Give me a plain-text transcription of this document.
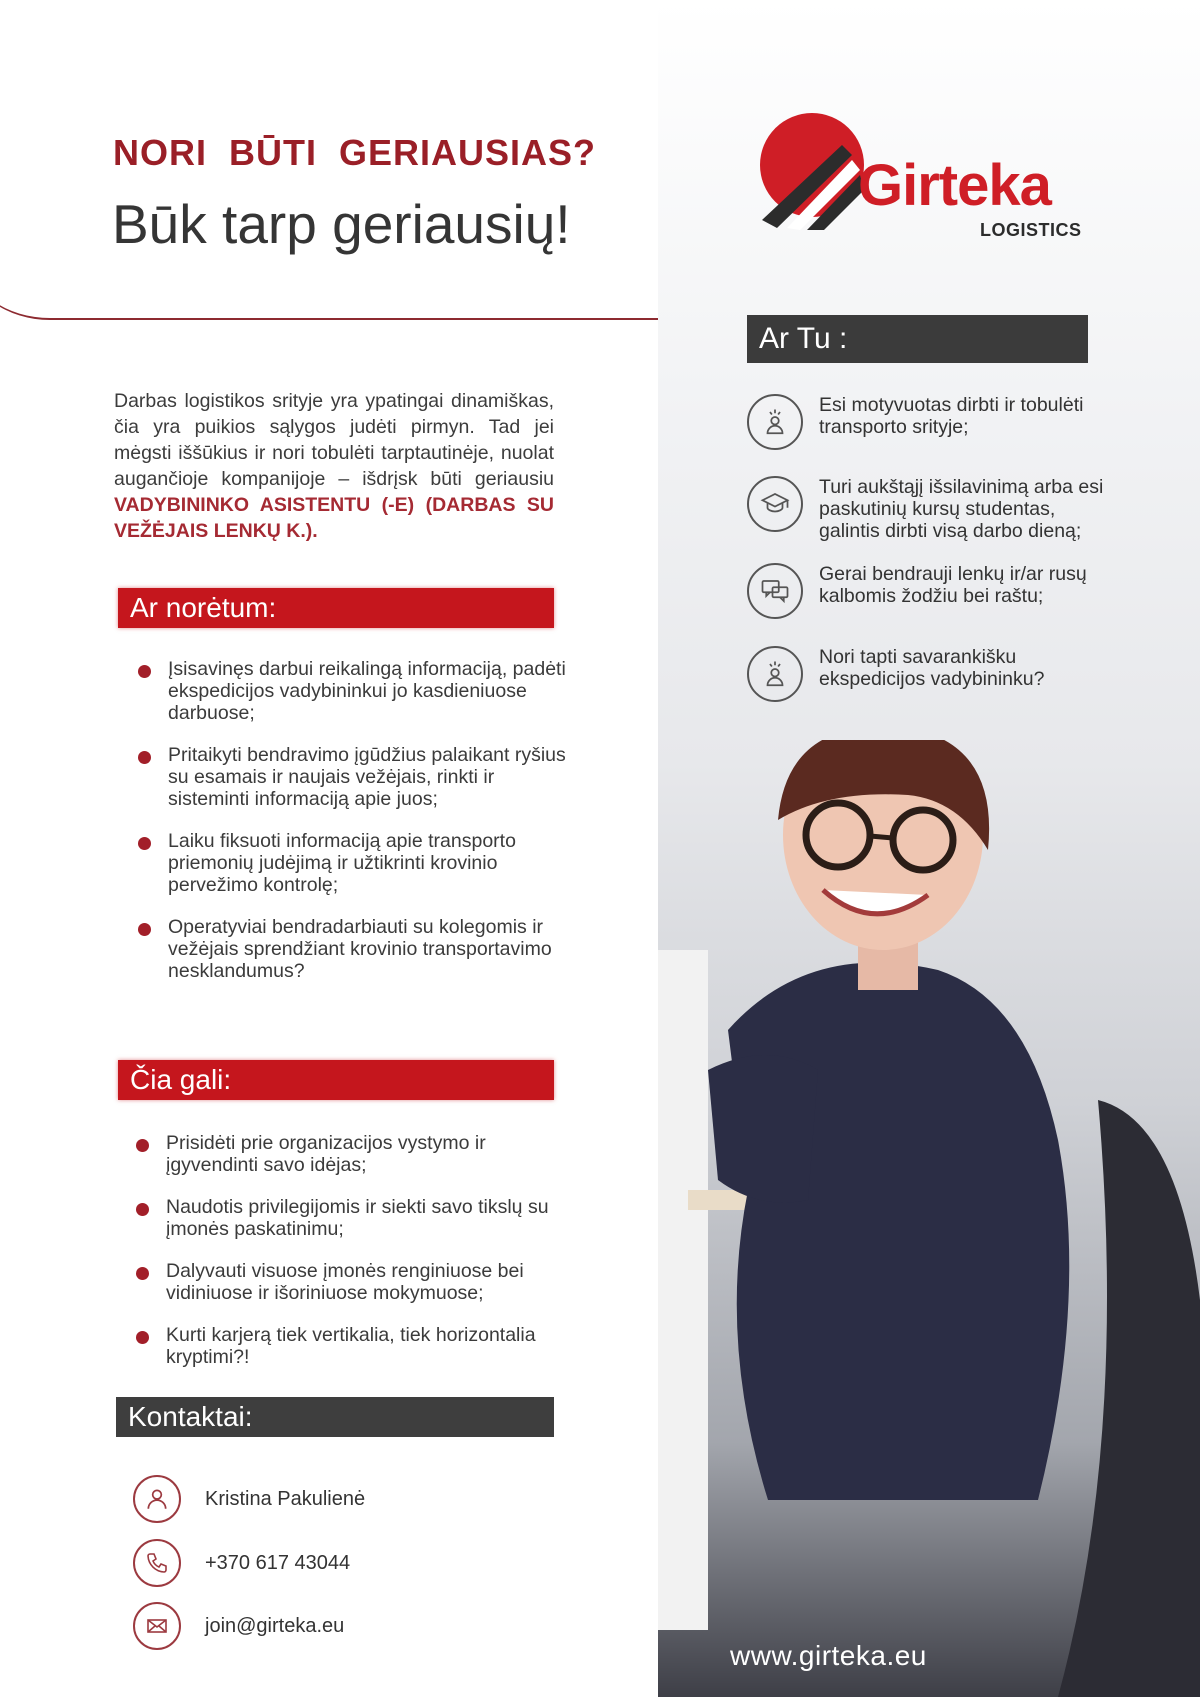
NORI  BŪTI  GERIAUSIAS?
Būk tarp geriausių!

Darbas logistikos srityje yra ypatingai dinamiškas, čia yra puikios sąlygos judėti pirmyn. Tad jei mėgsti iššūkius ir nori tobulėti tarptautinėje, nuolat augančioje kompanijoje – išdrįsk būti geriausiu VADYBININKO ASISTENTU (-E) (DARBAS SU VEŽĖJAIS LENKŲ K.).

Ar norėtum:
Įsisavinęs darbui reikalingą informaciją, padėti ekspedicijos vadybininkui jo kasdieniuose darbuose;
Pritaikyti bendravimo įgūdžius palaikant ryšius su esamais ir naujais vežėjais, rinkti ir sisteminti informaciją apie juos;
Laiku fiksuoti informaciją apie transporto priemonių judėjimą ir užtikrinti krovinio pervežimo kontrolę;
Operatyviai bendradarbiauti su kolegomis ir vežėjais sprendžiant krovinio transportavimo nesklandumus?
Čia gali:
Prisidėti prie organizacijos vystymo ir įgyvendinti savo idėjas;
Naudotis privilegijomis ir siekti savo tikslų su įmonės paskatinimu;
Dalyvauti visuose įmonės renginiuose bei vidiniuose ir išoriniuose mokymuose;
Kurti karjerą tiek vertikalia, tiek horizontalia kryptimi?!
Kontaktai:
Kristina Pakulienė
+370 617 43044
join@girteka.eu
Girteka
LOGISTICS
Ar Tu :
Esi motyvuotas dirbti ir tobulėti transporto srityje;
Turi aukštąjį išsilavinimą arba esi paskutinių kursų studentas, galintis dirbti visą darbo dieną;
Gerai bendrauji lenkų ir/ar rusų kalbomis žodžiu bei raštu;
Nori tapti savarankišku ekspedicijos vadybininku?
www.girteka.eu
